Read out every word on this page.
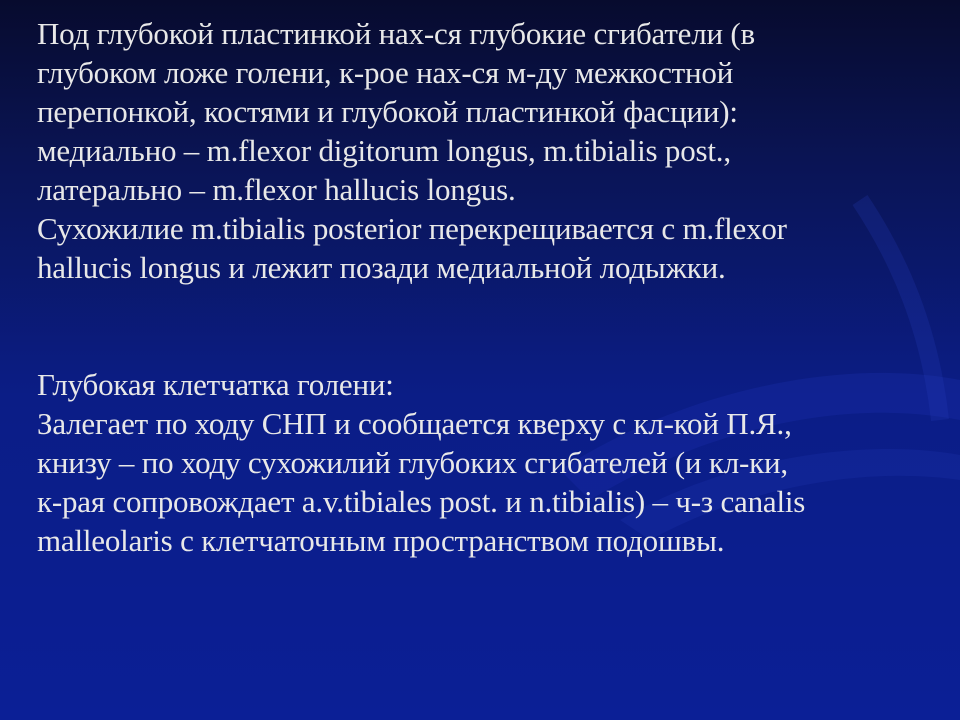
Под глубокой пластинкой нах-ся глубокие сгибатели (в
глубоком ложе голени, к-рое нах-ся м-ду межкостной
перепонкой, костями и глубокой пластинкой фасции):
медиально – m.flexor digitorum longus, m.tibialis post.,
латерально – m.flexor hallucis longus.
Сухожилие m.tibialis posterior перекрещивается с m.flexor
hallucis longus и лежит позади медиальной лодыжки.
Глубокая клетчатка голени:
Залегает по ходу СНП и сообщается кверху с кл-кой П.Я.,
книзу – по ходу сухожилий глубоких сгибателей (и кл-ки,
к-рая сопровождает a.v.tibiales post. и n.tibialis) – ч-з canalis
malleolaris с клетчаточным пространством подошвы.
